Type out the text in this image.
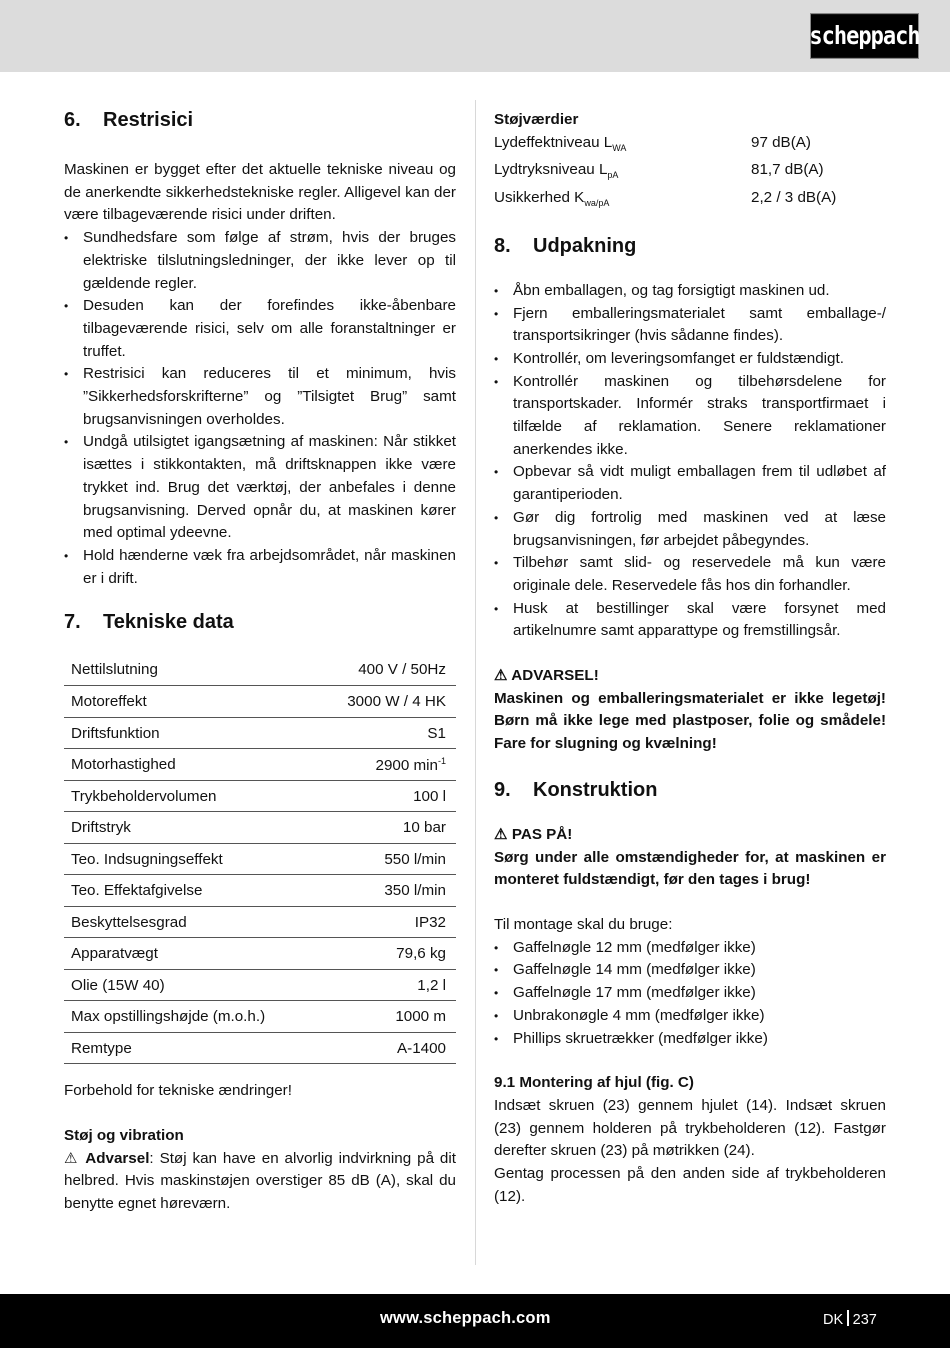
scheppach
6.	Restrisici

Maskinen er bygget efter det aktuelle tekniske niveau og de anerkendte sikkerhedstekniske regler. Alligevel kan der være tilbageværende risici under driften.

• Sundhedsfare som følge af strøm, hvis der bruges elektriske tilslutningsledninger, der ikke lever op til gældende regler.
• Desuden kan der forefindes ikke-åbenbare tilbageværende risici, selv om alle foranstaltninger er truffet.
• Restrisici kan reduceres til et minimum, hvis ”Sikkerhedsforskrifterne” og ”Tilsigtet Brug” samt brugsanvisningen overholdes.
• Undgå utilsigtet igangsætning af maskinen: Når stikket isættes i stikkontakten, må driftsknappen ikke være trykket ind. Brug det værktøj, der anbefales i denne brugsanvisning. Derved opnår du, at maskinen kører med optimal ydeevne.
• Hold hænderne væk fra arbejdsområdet, når maskinen er i drift.
7.	Tekniske data
Nettilslutning	400 V / 50Hz
Motoreffekt	3000 W / 4 HK
Driftsfunktion	S1
Motorhastighed	2900 $\min^{-1}$
Trykbeholdervolumen	100 l
Driftstryk	10 bar
Teo. Indsugningseffekt	550 l/min
Teo. Effektafgivelse	350 l/min
Beskyttelsesgrad	IP32
Apparatvægt	79,6 kg
Olie (15W 40)	1,2 l
Max opstillingshøjde (m.o.h.)	1000 m
Remtype	A-1400

Forbehold for tekniske ændringer!

Støj og vibration

⚠ Advarsel: Støj kan have en alvorlig indvirkning på dit helbred. Hvis maskinstøjen overstiger 85 dB (A), skal du benytte egnet høreværn.

Støjværdier

Lydeffektniveau $L_{WA}$	97 dB(A)
Lydtryksniveau $L_{pA}$	81,7 dB(A)
Usikkerhed $K_{wa/pA}$	2,2 / 3 dB(A)
8.	Udpakning
• Åbn emballagen, og tag forsigtigt maskinen ud.
• Fjern emballeringsmaterialet samt emballage-/ transportsikringer (hvis sådanne findes).
• Kontrollér, om leveringsomfanget er fuldstændigt.
• Kontrollér maskinen og tilbehørsdelene for transportskader. Informér straks transportfirmaet i tilfælde af reklamation. Senere reklamationer anerkendes ikke.
• Opbevar så vidt muligt emballagen frem til udløbet af garantiperioden.
• Gør dig fortrolig med maskinen ved at læse brugsanvisningen, før arbejdet påbegyndes.
• Tilbehør samt slid- og reservedele må kun være originale dele. Reservedele fås hos din forhandler.
• Husk at bestillinger skal være forsynet med artikelnumre samt apparattype og fremstillingsår.

⚠ ADVARSEL!

Maskinen og emballeringsmaterialet er ikke legetøj! Børn må ikke lege med plastposer, folie og smådele! Fare for slugning og kvælning!

9.	Konstruktion

⚠ PAS PÅ!

Sørg under alle omstændigheder for, at maskinen er monteret fuldstændigt, før den tages i brug!

Til montage skal du bruge:

• Gaffelnøgle 12 mm (medfølger ikke)
• Gaffelnøgle 14 mm (medfølger ikke)
• Gaffelnøgle 17 mm (medfølger ikke)
• Unbrakonøgle 4 mm (medfølger ikke)
• Phillips skruetrækker (medfølger ikke)

9.1 Montering af hjul (fig. C)

Indsæt skruen (23) gennem hjulet (14). Indsæt skruen (23) gennem holderen på trykbeholderen (12). Fastgør derefter skruen (23) på møtrikken (24).

Gentag processen på den anden side af trykbeholderen (12).

www.scheppach.com	DK 237
